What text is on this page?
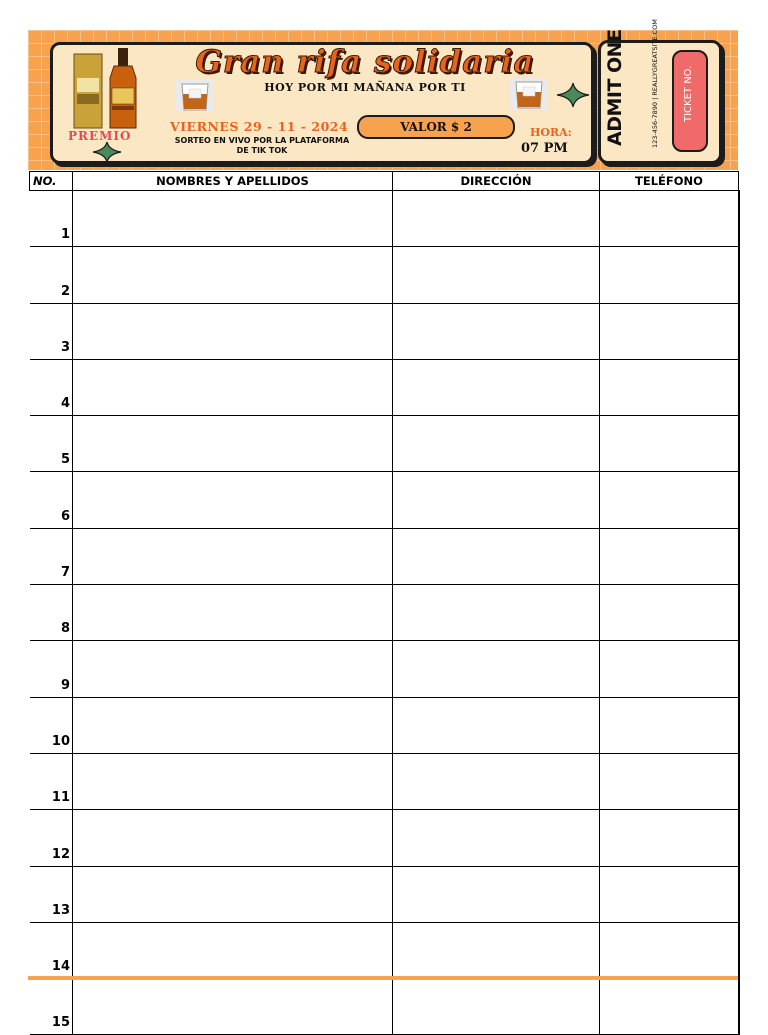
Gran rifa solidaria
HOY POR MI MAÑANA POR TI
PREMIO
VIERNES 29 - 11 - 2024
SORTEO EN VIVO POR LA PLATAFORMA
DE TIK TOK
VALOR $ 2	HORA:
07 PM
ADMIT ONE	123-456-7890 | REALLYGREATSITE.COM TICKET NO.
NO.	NOMBRES Y APELLIDOS	DIRECCIÓN	TELÉFONO
1			
2			
3			
4			
5			
6			
7			
8			
9			
10			
11			
12			
13			
14			
15			
